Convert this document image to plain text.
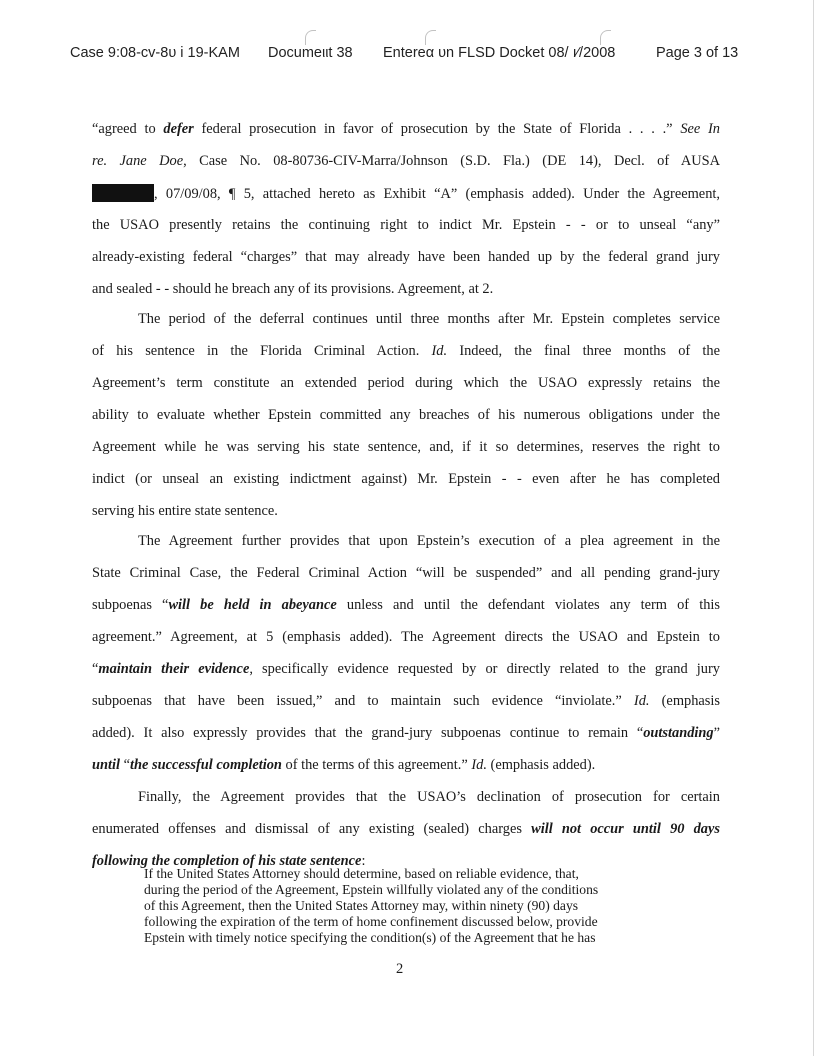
Case 9:08-cv-8υ i 19-KAM Documеιιt 38 Entereα υn FLSD Docket 08/ ı⁄/2008	Page 3 of 13
“agreed to defer federal prosecution in favor of prosecution by the State of Florida . . . .” See In
re. Jane Doe, Case No. 08-80736-CIV-Marra/Johnson (S.D. Fla.) (DE 14), Decl. of AUSA
, 07/09/08, ¶ 5, attached hereto as Exhibit “A” (emphasis added). Under the Agreement,
the USAO presently retains the continuing right to indict Mr. Epstein - - or to unseal “any”
already-existing federal “charges” that may already have been handed up by the federal grand jury
and sealed - - should he breach any of its provisions. Agreement, at 2.
The period of the deferral continues until three months after Mr. Epstein completes service
of his sentence in the Florida Criminal Action. Id. Indeed, the final three months of the
Agreement’s term constitute an extended period during which the USAO expressly retains the
ability to evaluate whether Epstein committed any breaches of his numerous obligations under the
Agreement while he was serving his state sentence, and, if it so determines, reserves the right to
indict (or unseal an existing indictment against) Mr. Epstein - - even after he has completed
serving his entire state sentence.
The Agreement further provides that upon Epstein’s execution of a plea agreement in the
State Criminal Case, the Federal Criminal Action “will be suspended” and all pending grand-jury
subpoenas “will be held in abeyance unless and until the defendant violates any term of this
agreement.” Agreement, at 5 (emphasis added). The Agreement directs the USAO and Epstein to
“maintain their evidence, specifically evidence requested by or directly related to the grand jury
subpoenas that have been issued,” and to maintain such evidence “inviolate.” Id. (emphasis
added). It also expressly provides that the grand-jury subpoenas continue to remain “outstanding”
until “the successful completion of the terms of this agreement.” Id. (emphasis added).
Finally, the Agreement provides that the USAO’s declination of prosecution for certain
enumerated offenses and dismissal of any existing (sealed) charges will not occur until 90 days
following the completion of his state sentence:
If the United States Attorney should determine, based on reliable evidence, that,
during the period of the Agreement, Epstein willfully violated any of the conditions
of this Agreement, then the United States Attorney may, within ninety (90) days
following the expiration of the term of home confinement discussed below, provide
Epstein with timely notice specifying the condition(s) of the Agreement that he has
2
